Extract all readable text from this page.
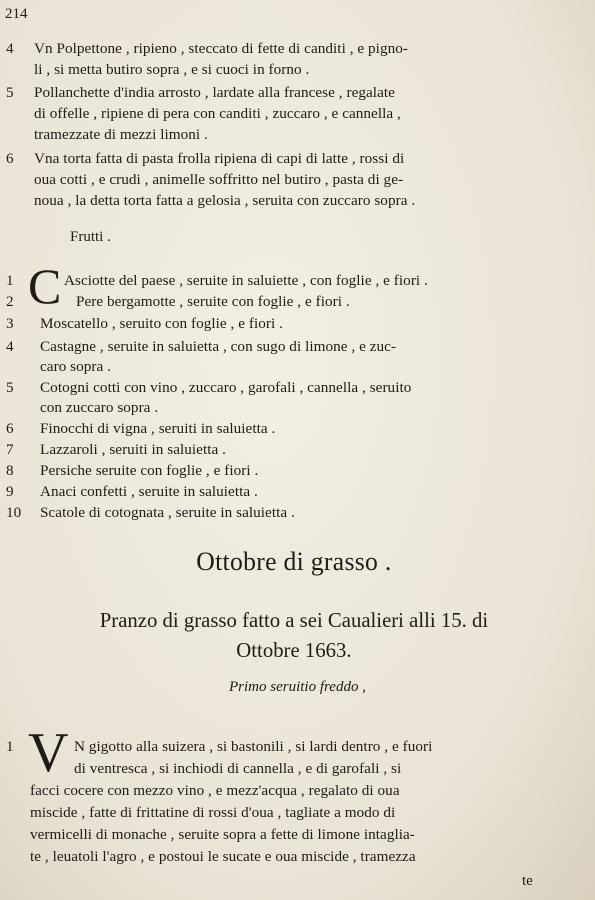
214
4 Vn Polpettone , ripieno , steccato di fette di canditi , e pigno-
li , si metta butiro sopra , e si cuoci in forno .
5 Pollanchette d'india arrosto , lardate alla francese , regalate
di offelle , ripiene di pera con canditi , zuccaro , e cannella ,
tramezzate di mezzi limoni .
6 Vna torta fatta di pasta frolla ripiena di capi di latte , rossi di
oua cotti , e crudi , animelle soffritto nel butiro , pasta di ge-
noua , la detta torta fatta a gelosia , seruita con zuccaro sopra .
Frutti .
1 C Asciotte del paese , seruite in saluiette , con foglie , e fiori .
2	Pere bergamotte , seruite con foglie , e fiori .
3 Moscatello , seruito con foglie , e fiori .
4 Castagne , seruite in saluietta , con sugo di limone , e zuc-
caro sopra .
5 Cotogni cotti con vino , zuccaro , garofali , cannella , seruito
con zuccaro sopra .
6 Finocchi di vigna , seruiti in saluietta .
7 Lazzaroli , seruiti in saluietta .
8 Persiche seruite con foglie , e fiori .
9 Anaci confetti , seruite in saluietta .
10 Scatole di cotognata , seruite in saluietta .
Ottobre di grasso .
Pranzo di grasso fatto a sei Caualieri alli 15. di
Ottobre 1663.
Primo seruitio freddo ,
1 V N gigotto alla suizera , si bastonili , si lardi dentro , e fuori
di ventresca , si inchiodi di cannella , e di garofali , si
facci cocere con mezzo vino , e mezz'acqua , regalato di oua
miscide , fatte di frittatine di rossi d'oua , tagliate a modo di
vermicelli di monache , seruite sopra a fette di limone intaglia-
te , leuatoli l'agro , e postoui le sucate e oua miscide , tramezza
te
